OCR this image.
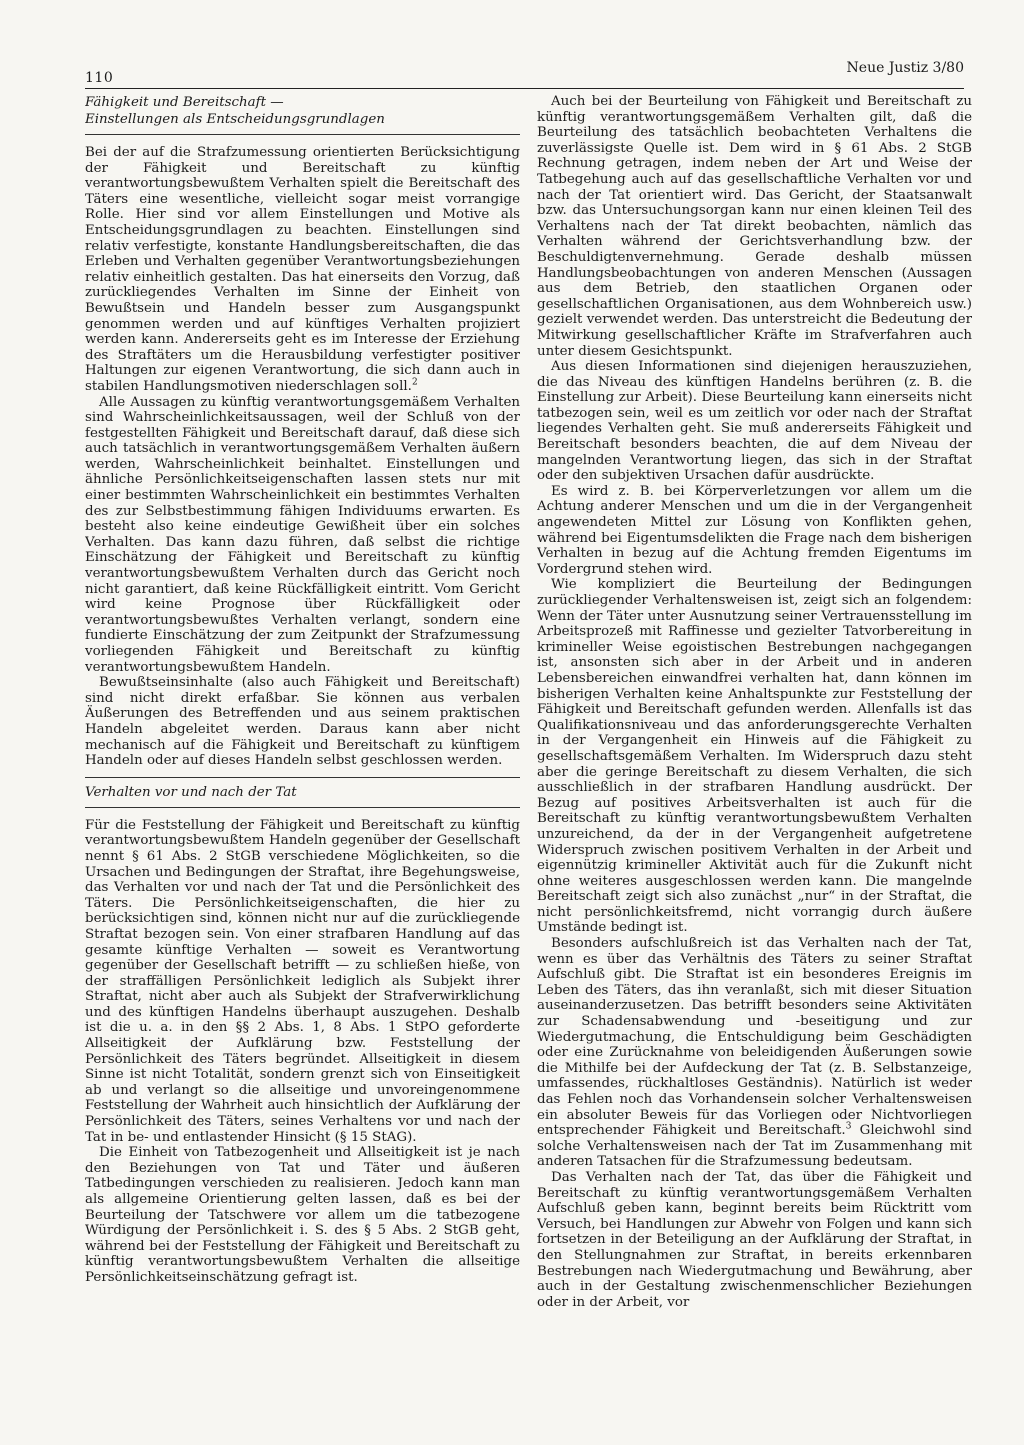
110
Neue Justiz 3/80
Fähigkeit und Bereitschaft —
Einstellungen als Entscheidungsgrundlagen

Bei der auf die Strafzumessung orientierten Berücksichtigung der Fähigkeit und Bereitschaft zu künftig verantwortungsbewußtem Verhalten spielt die Bereitschaft des Täters eine wesentliche, vielleicht sogar meist vorrangige Rolle. Hier sind vor allem Einstellungen und Motive als Entscheidungsgrundlagen zu beachten. Einstellungen sind relativ verfestigte, konstante Handlungsbereitschaften, die das Erleben und Verhalten gegenüber Verantwortungsbeziehungen relativ einheitlich gestalten. Das hat einerseits den Vorzug, daß zurückliegendes Verhalten im Sinne der Einheit von Bewußtsein und Handeln besser zum Ausgangspunkt genommen werden und auf künftiges Verhalten projiziert werden kann. Andererseits geht es im Interesse der Erziehung des Straftäters um die Herausbildung verfestigter positiver Haltungen zur eigenen Verantwortung, die sich dann auch in stabilen Handlungsmotiven niederschlagen soll.$^2$

Alle Aussagen zu künftig verantwortungsgemäßem Verhalten sind Wahrscheinlichkeitsaussagen, weil der Schluß von der festgestellten Fähigkeit und Bereitschaft darauf, daß diese sich auch tatsächlich in verantwortungsgemäßem Verhalten äußern werden, Wahrscheinlichkeit beinhaltet. Einstellungen und ähnliche Persönlichkeitseigenschaften lassen stets nur mit einer bestimmten Wahrscheinlichkeit ein bestimmtes Verhalten des zur Selbstbestimmung fähigen Individuums erwarten. Es besteht also keine eindeutige Gewißheit über ein solches Verhalten. Das kann dazu führen, daß selbst die richtige Einschätzung der Fähigkeit und Bereitschaft zu künftig verantwortungsbewußtem Verhalten durch das Gericht noch nicht garantiert, daß keine Rückfälligkeit eintritt. Vom Gericht wird keine Prognose über Rückfälligkeit oder verantwortungsbewußtes Verhalten verlangt, sondern eine fundierte Einschätzung der zum Zeitpunkt der Strafzumessung vorliegenden Fähigkeit und Bereitschaft zu künftig verantwortungsbewußtem Handeln.

Bewußtseinsinhalte (also auch Fähigkeit und Bereitschaft) sind nicht direkt erfaßbar. Sie können aus verbalen Äußerungen des Betreffenden und aus seinem praktischen Handeln abgeleitet werden. Daraus kann aber nicht mechanisch auf die Fähigkeit und Bereitschaft zu künftigem Handeln oder auf dieses Handeln selbst geschlossen werden.

Verhalten vor und nach der Tat

Für die Feststellung der Fähigkeit und Bereitschaft zu künftig verantwortungsbewußtem Handeln gegenüber der Gesellschaft nennt § 61 Abs. 2 StGB verschiedene Möglichkeiten, so die Ursachen und Bedingungen der Straftat, ihre Begehungsweise, das Verhalten vor und nach der Tat und die Persönlichkeit des Täters. Die Persönlichkeitseigenschaften, die hier zu berücksichtigen sind, können nicht nur auf die zurückliegende Straftat bezogen sein. Von einer strafbaren Handlung auf das gesamte künftige Verhalten — soweit es Verantwortung gegenüber der Gesellschaft betrifft — zu schließen hieße, von der straffälligen Persönlichkeit lediglich als Subjekt ihrer Straftat, nicht aber auch als Subjekt der Strafverwirklichung und des künftigen Handelns überhaupt auszugehen. Deshalb ist die u. a. in den §§ 2 Abs. 1, 8 Abs. 1 StPO geforderte Allseitigkeit der Aufklärung bzw. Feststellung der Persönlichkeit des Täters begründet. Allseitigkeit in diesem Sinne ist nicht Totalität, sondern grenzt sich von Einseitigkeit ab und verlangt so die allseitige und unvoreingenommene Feststellung der Wahrheit auch hinsichtlich der Aufklärung der Persönlichkeit des Täters, seines Verhaltens vor und nach der Tat in be- und entlastender Hinsicht (§ 15 StAG).

Die Einheit von Tatbezogenheit und Allseitigkeit ist je nach den Beziehungen von Tat und Täter und äußeren Tatbedingungen verschieden zu realisieren. Jedoch kann man als allgemeine Orientierung gelten lassen, daß es bei der Beurteilung der Tatschwere vor allem um die tatbezogene Würdigung der Persönlichkeit i. S. des § 5 Abs. 2 StGB geht, während bei der Feststellung der Fähigkeit und Bereitschaft zu künftig verantwortungsbewußtem Verhalten die allseitige Persönlichkeitseinschätzung gefragt ist.

Auch bei der Beurteilung von Fähigkeit und Bereitschaft zu künftig verantwortungsgemäßem Verhalten gilt, daß die Beurteilung des tatsächlich beobachteten Verhaltens die zuverlässigste Quelle ist. Dem wird in § 61 Abs. 2 StGB Rechnung getragen, indem neben der Art und Weise der Tatbegehung auch auf das gesellschaftliche Verhalten vor und nach der Tat orientiert wird. Das Gericht, der Staatsanwalt bzw. das Untersuchungsorgan kann nur einen kleinen Teil des Verhaltens nach der Tat direkt beobachten, nämlich das Verhalten während der Gerichtsverhandlung bzw. der Beschuldigtenvernehmung. Gerade deshalb müssen Handlungsbeobachtungen von anderen Menschen (Aussagen aus dem Betrieb, den staatlichen Organen oder gesellschaftlichen Organisationen, aus dem Wohnbereich usw.) gezielt verwendet werden. Das unterstreicht die Bedeutung der Mitwirkung gesellschaftlicher Kräfte im Strafverfahren auch unter diesem Gesichtspunkt.

Aus diesen Informationen sind diejenigen herauszuziehen, die das Niveau des künftigen Handelns berühren (z. B. die Einstellung zur Arbeit). Diese Beurteilung kann einerseits nicht tatbezogen sein, weil es um zeitlich vor oder nach der Straftat liegendes Verhalten geht. Sie muß andererseits Fähigkeit und Bereitschaft besonders beachten, die auf dem Niveau der mangelnden Verantwortung liegen, das sich in der Straftat oder den subjektiven Ursachen dafür ausdrückte.

Es wird z. B. bei Körperverletzungen vor allem um die Achtung anderer Menschen und um die in der Vergangenheit angewendeten Mittel zur Lösung von Konflikten gehen, während bei Eigentumsdelikten die Frage nach dem bisherigen Verhalten in bezug auf die Achtung fremden Eigentums im Vordergrund stehen wird.

Wie kompliziert die Beurteilung der Bedingungen zurückliegender Verhaltensweisen ist, zeigt sich an folgendem: Wenn der Täter unter Ausnutzung seiner Vertrauensstellung im Arbeitsprozeß mit Raffinesse und gezielter Tatvorbereitung in krimineller Weise egoistischen Bestrebungen nachgegangen ist, ansonsten sich aber in der Arbeit und in anderen Lebensbereichen einwandfrei verhalten hat, dann können im bisherigen Verhalten keine Anhaltspunkte zur Feststellung der Fähigkeit und Bereitschaft gefunden werden. Allenfalls ist das Qualifikationsniveau und das anforderungsgerechte Verhalten in der Vergangenheit ein Hinweis auf die Fähigkeit zu gesellschaftsgemäßem Verhalten. Im Widerspruch dazu steht aber die geringe Bereitschaft zu diesem Verhalten, die sich ausschließlich in der strafbaren Handlung ausdrückt. Der Bezug auf positives Arbeitsverhalten ist auch für die Bereitschaft zu künftig verantwortungsbewußtem Verhalten unzureichend, da der in der Vergangenheit aufgetretene Widerspruch zwischen positivem Verhalten in der Arbeit und eigennützig krimineller Aktivität auch für die Zukunft nicht ohne weiteres ausgeschlossen werden kann. Die mangelnde Bereitschaft zeigt sich also zunächst „nur“ in der Straftat, die nicht persönlichkeitsfremd, nicht vorrangig durch äußere Umstände bedingt ist.

Besonders aufschlußreich ist das Verhalten nach der Tat, wenn es über das Verhältnis des Täters zu seiner Straftat Aufschluß gibt. Die Straftat ist ein besonderes Ereignis im Leben des Täters, das ihn veranlaßt, sich mit dieser Situation auseinanderzusetzen. Das betrifft besonders seine Aktivitäten zur Schadensabwendung und -beseitigung und zur Wiedergutmachung, die Entschuldigung beim Geschädigten oder eine Zurücknahme von beleidigenden Äußerungen sowie die Mithilfe bei der Aufdeckung der Tat (z. B. Selbstanzeige, umfassendes, rückhaltloses Geständnis). Natürlich ist weder das Fehlen noch das Vorhandensein solcher Verhaltensweisen ein absoluter Beweis für das Vorliegen oder Nichtvorliegen entsprechender Fähigkeit und Bereitschaft.$^3$ Gleichwohl sind solche Verhaltensweisen nach der Tat im Zusammenhang mit anderen Tatsachen für die Strafzumessung bedeutsam.

Das Verhalten nach der Tat, das über die Fähigkeit und Bereitschaft zu künftig verantwortungsgemäßem Verhalten Aufschluß geben kann, beginnt bereits beim Rücktritt vom Versuch, bei Handlungen zur Abwehr von Folgen und kann sich fortsetzen in der Beteiligung an der Aufklärung der Straftat, in den Stellungnahmen zur Straftat, in bereits erkennbaren Bestrebungen nach Wiedergutmachung und Bewährung, aber auch in der Gestaltung zwischenmenschlicher Beziehungen oder in der Arbeit, vor
